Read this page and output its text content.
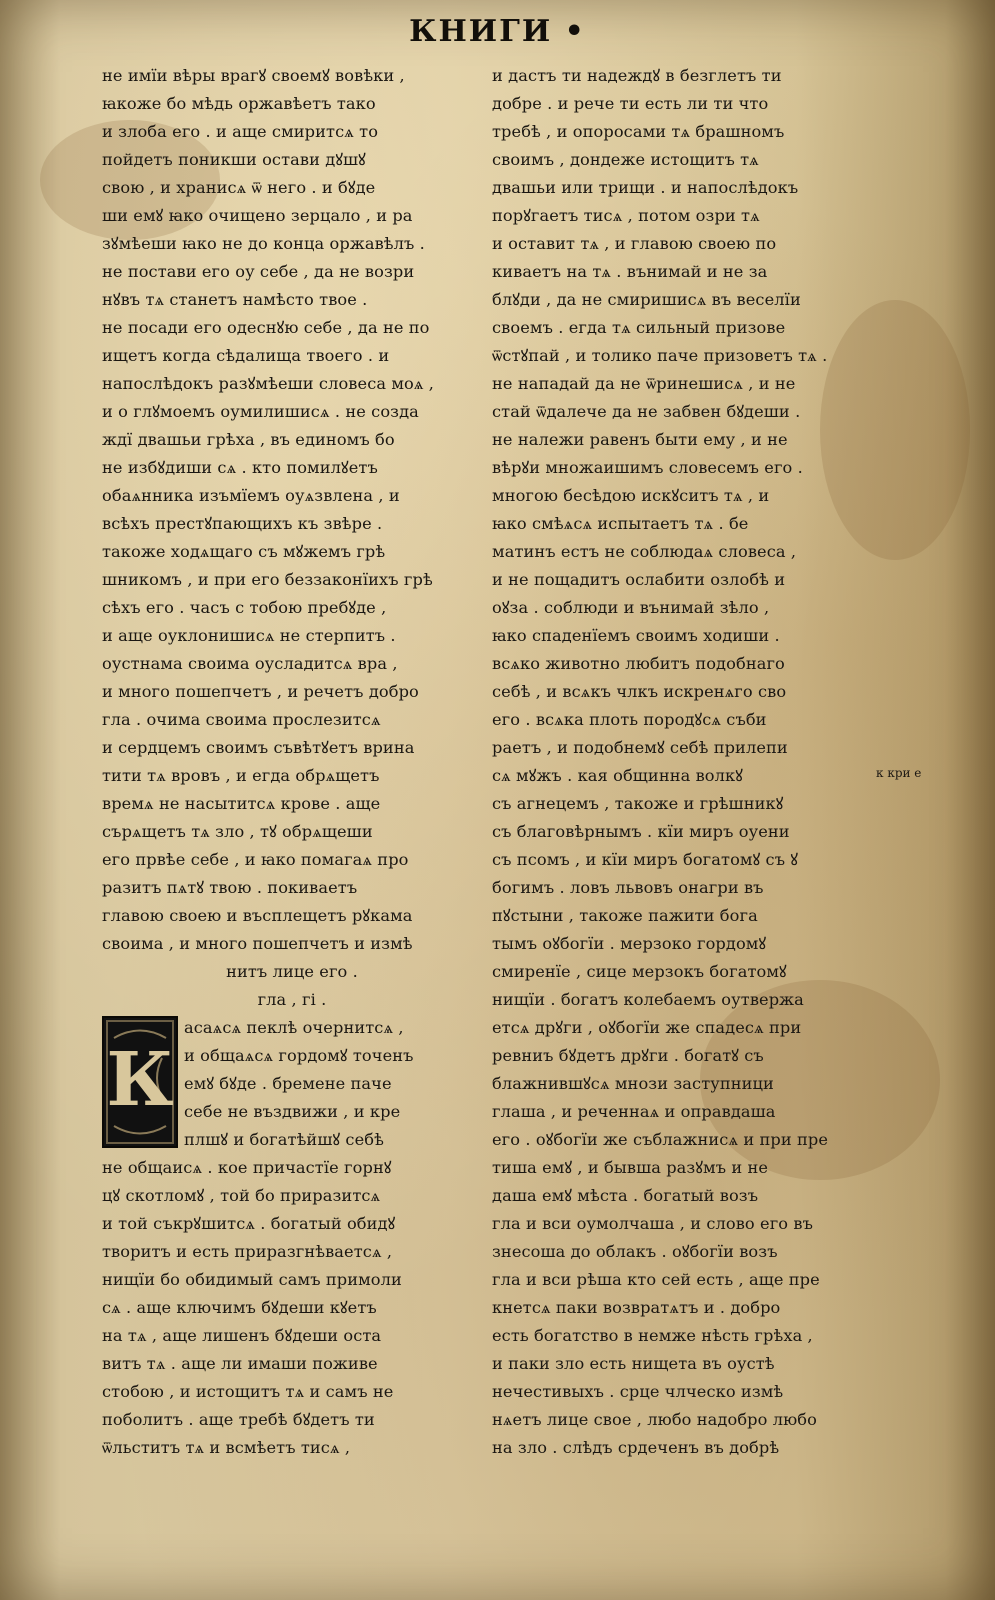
КНИГИ •
не имїи вѣры врагꙋ своемꙋ вовѣки ,
ꙗкоже бо мѣдь оржавѣетъ тако
и злоба его . и аще смиритсѧ то
пойдетъ поникши остави дꙋшꙋ
свою , и хранисѧ ѿ него . и бꙋде
ши емꙋ ꙗко очищено зерцало , и ра
зꙋмѣеши ꙗко не до конца оржавѣлъ .
не постави его оу себе , да не возри
нꙋвъ тѧ станетъ намѣсто твое .
не посади его одеснꙋю себе , да не по
ищетъ когда сѣдалища твоего . и
напослѣдокъ разꙋмѣеши словеса моѧ ,
и о глꙋмоемъ оумилишисѧ . не созда
ждї двашьи грѣха , въ единомъ бо
не избꙋдиши сѧ . кто помилꙋетъ
обаѧнника изъмїемъ оуѧзвлена , и
всѣхъ престꙋпающихъ къ звѣре .
такоже ходѧщаго съ мꙋжемъ грѣ
шникомъ , и при его беззаконїихъ грѣ
сѣхъ его . часъ с тобою пребꙋде ,
и аще оуклонишисѧ не стерпитъ .
оустнама своима оусладитсѧ вра ,
и много пошепчетъ , и речетъ добро
гла . очима своима прослезитсѧ
и сердцемъ своимъ съвѣтꙋетъ врина
тити тѧ вровъ , и егда обрѧщетъ
времѧ не насытитсѧ крове . аще
сърѧщетъ тѧ зло , тꙋ обрѧщеши
его првѣе себе , и ꙗко помагаѧ про
разитъ пѧтꙋ твою . покиваетъ
главою своею и въсплещетъ рꙋкама
своима , и много пошепчетъ и измѣ
нитъ лице его .
гла , гі .
К
асаѧсѧ пеклѣ очернитсѧ ,
и общаѧсѧ гордомꙋ точенъ
емꙋ бꙋде . бремене паче
себе не въздвижи , и кре
плшꙋ и богатѣйшꙋ себѣ
не общаисѧ . кое причастїе горнꙋ
цꙋ скотломꙋ , той бо приразитсѧ
и той съкрꙋшитсѧ . богатый обидꙋ
творитъ и есть приразгнѣваетсѧ ,
нищїи бо обидимый самъ примоли
сѧ . аще ключимъ бꙋдеши кꙋетъ
на тѧ , аще лишенъ бꙋдеши оста
витъ тѧ . аще ли имаши поживе
стобою , и истощитъ тѧ и самъ не
поболитъ . аще требѣ бꙋдетъ ти
ѿльститъ тѧ и всмѣетъ тисѧ ,
и дастъ ти надеждꙋ в безглетъ ти
добре . и рече ти есть ли ти что
требѣ , и опоросами тѧ брашномъ
своимъ , дондеже истощитъ тѧ
двашьи или трищи . и напослѣдокъ
порꙋгаетъ тисѧ , потом озри тѧ
и оставит тѧ , и главою своею по
киваетъ на тѧ . вънимай и не за
блꙋди , да не смиришисѧ въ веселїи
своемъ . егда тѧ сильный призове
ѿстꙋпай , и толико паче призоветъ тѧ .
не нападай да не ѿринешисѧ , и не
стай ѿдалече да не забвен бꙋдеши .
не належи равенъ быти ему , и не
вѣрꙋи множаишимъ словесемъ его .
многою бесѣдою искꙋситъ тѧ , и
ꙗко смѣѧсѧ испытаетъ тѧ . бе
матинъ естъ не соблюдаѧ словеса ,
и не пощадитъ ослабити озлобѣ и
оꙋза . соблюди и вънимай зѣло ,
ꙗко спаденїемъ своимъ ходиши .
всѧко животно любитъ подобнаго
себѣ , и всѧкъ члкъ искренѧго сво
его . всѧка плоть породꙋсѧ съби
раетъ , и подобнемꙋ себѣ прилепи
сѧ мꙋжъ . кая общинна волкꙋ
съ агнецемъ , такоже и грѣшникꙋ
съ благовѣрнымъ . кїи миръ оуени
съ псомъ , и кїи миръ богатомꙋ съ ꙋ
богимъ . ловъ львовъ онагри въ
пꙋстыни , такоже пажити бога
тымъ оꙋбогїи . мерзоко гордомꙋ
смиренїе , сице мерзокъ богатомꙋ
нищїи . богатъ колебаемъ оутвержа
етсѧ дрꙋги , оꙋбогїи же спадесѧ при
ревниъ бꙋдетъ дрꙋги . богатꙋ съ
блажнившꙋсѧ мнози заступници
глаша , и реченнаѧ и оправдаша
его . оꙋбогїи же съблажнисѧ и при пре
тиша емꙋ , и бывша разꙋмъ и не
даша емꙋ мѣста . богатый возъ
гла и вси оумолчаша , и слово его въ
знесоша до облакъ . оꙋбогїи возъ
гла и вси рѣша кто сей есть , аще пре
кнетсѧ паки возвратѧтъ и . добро
есть богатство в немже нѣсть грѣха ,
и паки зло есть нищета въ оустѣ
нечестивыхъ . срце члческо измѣ
нѧетъ лице свое , любо надобро любо
на зло . слѣдъ срдеченъ въ добрѣ
к кри е
